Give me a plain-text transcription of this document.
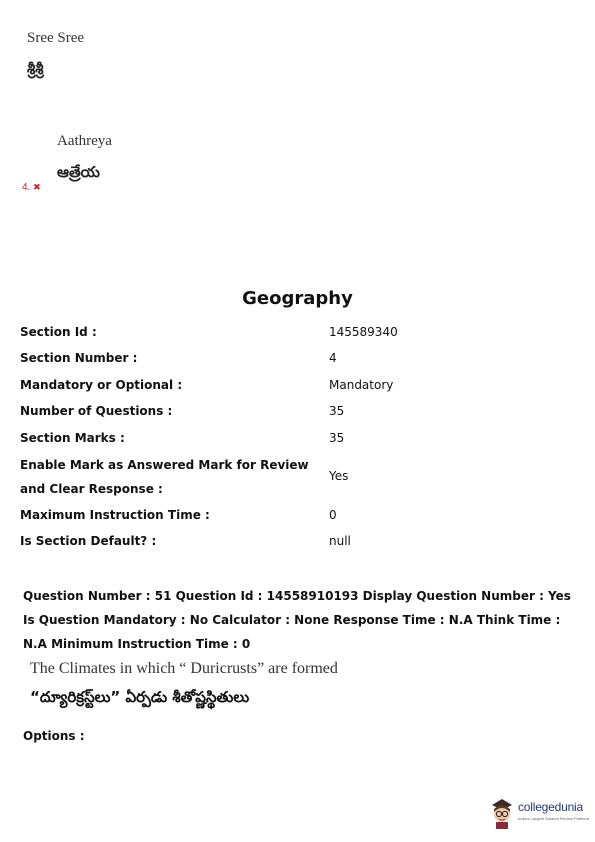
Sree Sree
శ్రీశ్రీ
Aathreya
ఆత్రేయ
4. ✖
Geography
Section Id :	145589340
Section Number :	4
Mandatory or Optional :	Mandatory
Number of Questions :	35
Section Marks :	35
Enable Mark as Answered Mark for Review and Clear Response :
Yes
Maximum Instruction Time :	0
Is Section Default? :	null
Question Number : 51 Question Id : 14558910193 Display Question Number : Yes Is Question Mandatory : No Calculator : None Response Time : N.A Think Time : N.A Minimum Instruction Time : 0
The Climates in which “ Duricrusts” are formed
“ద్యూరిక్రస్ట్‌లు” ఏర్పడు శీతోష్ణస్థితులు
Options :
collegedunia
India's Largest Student Review Platform
